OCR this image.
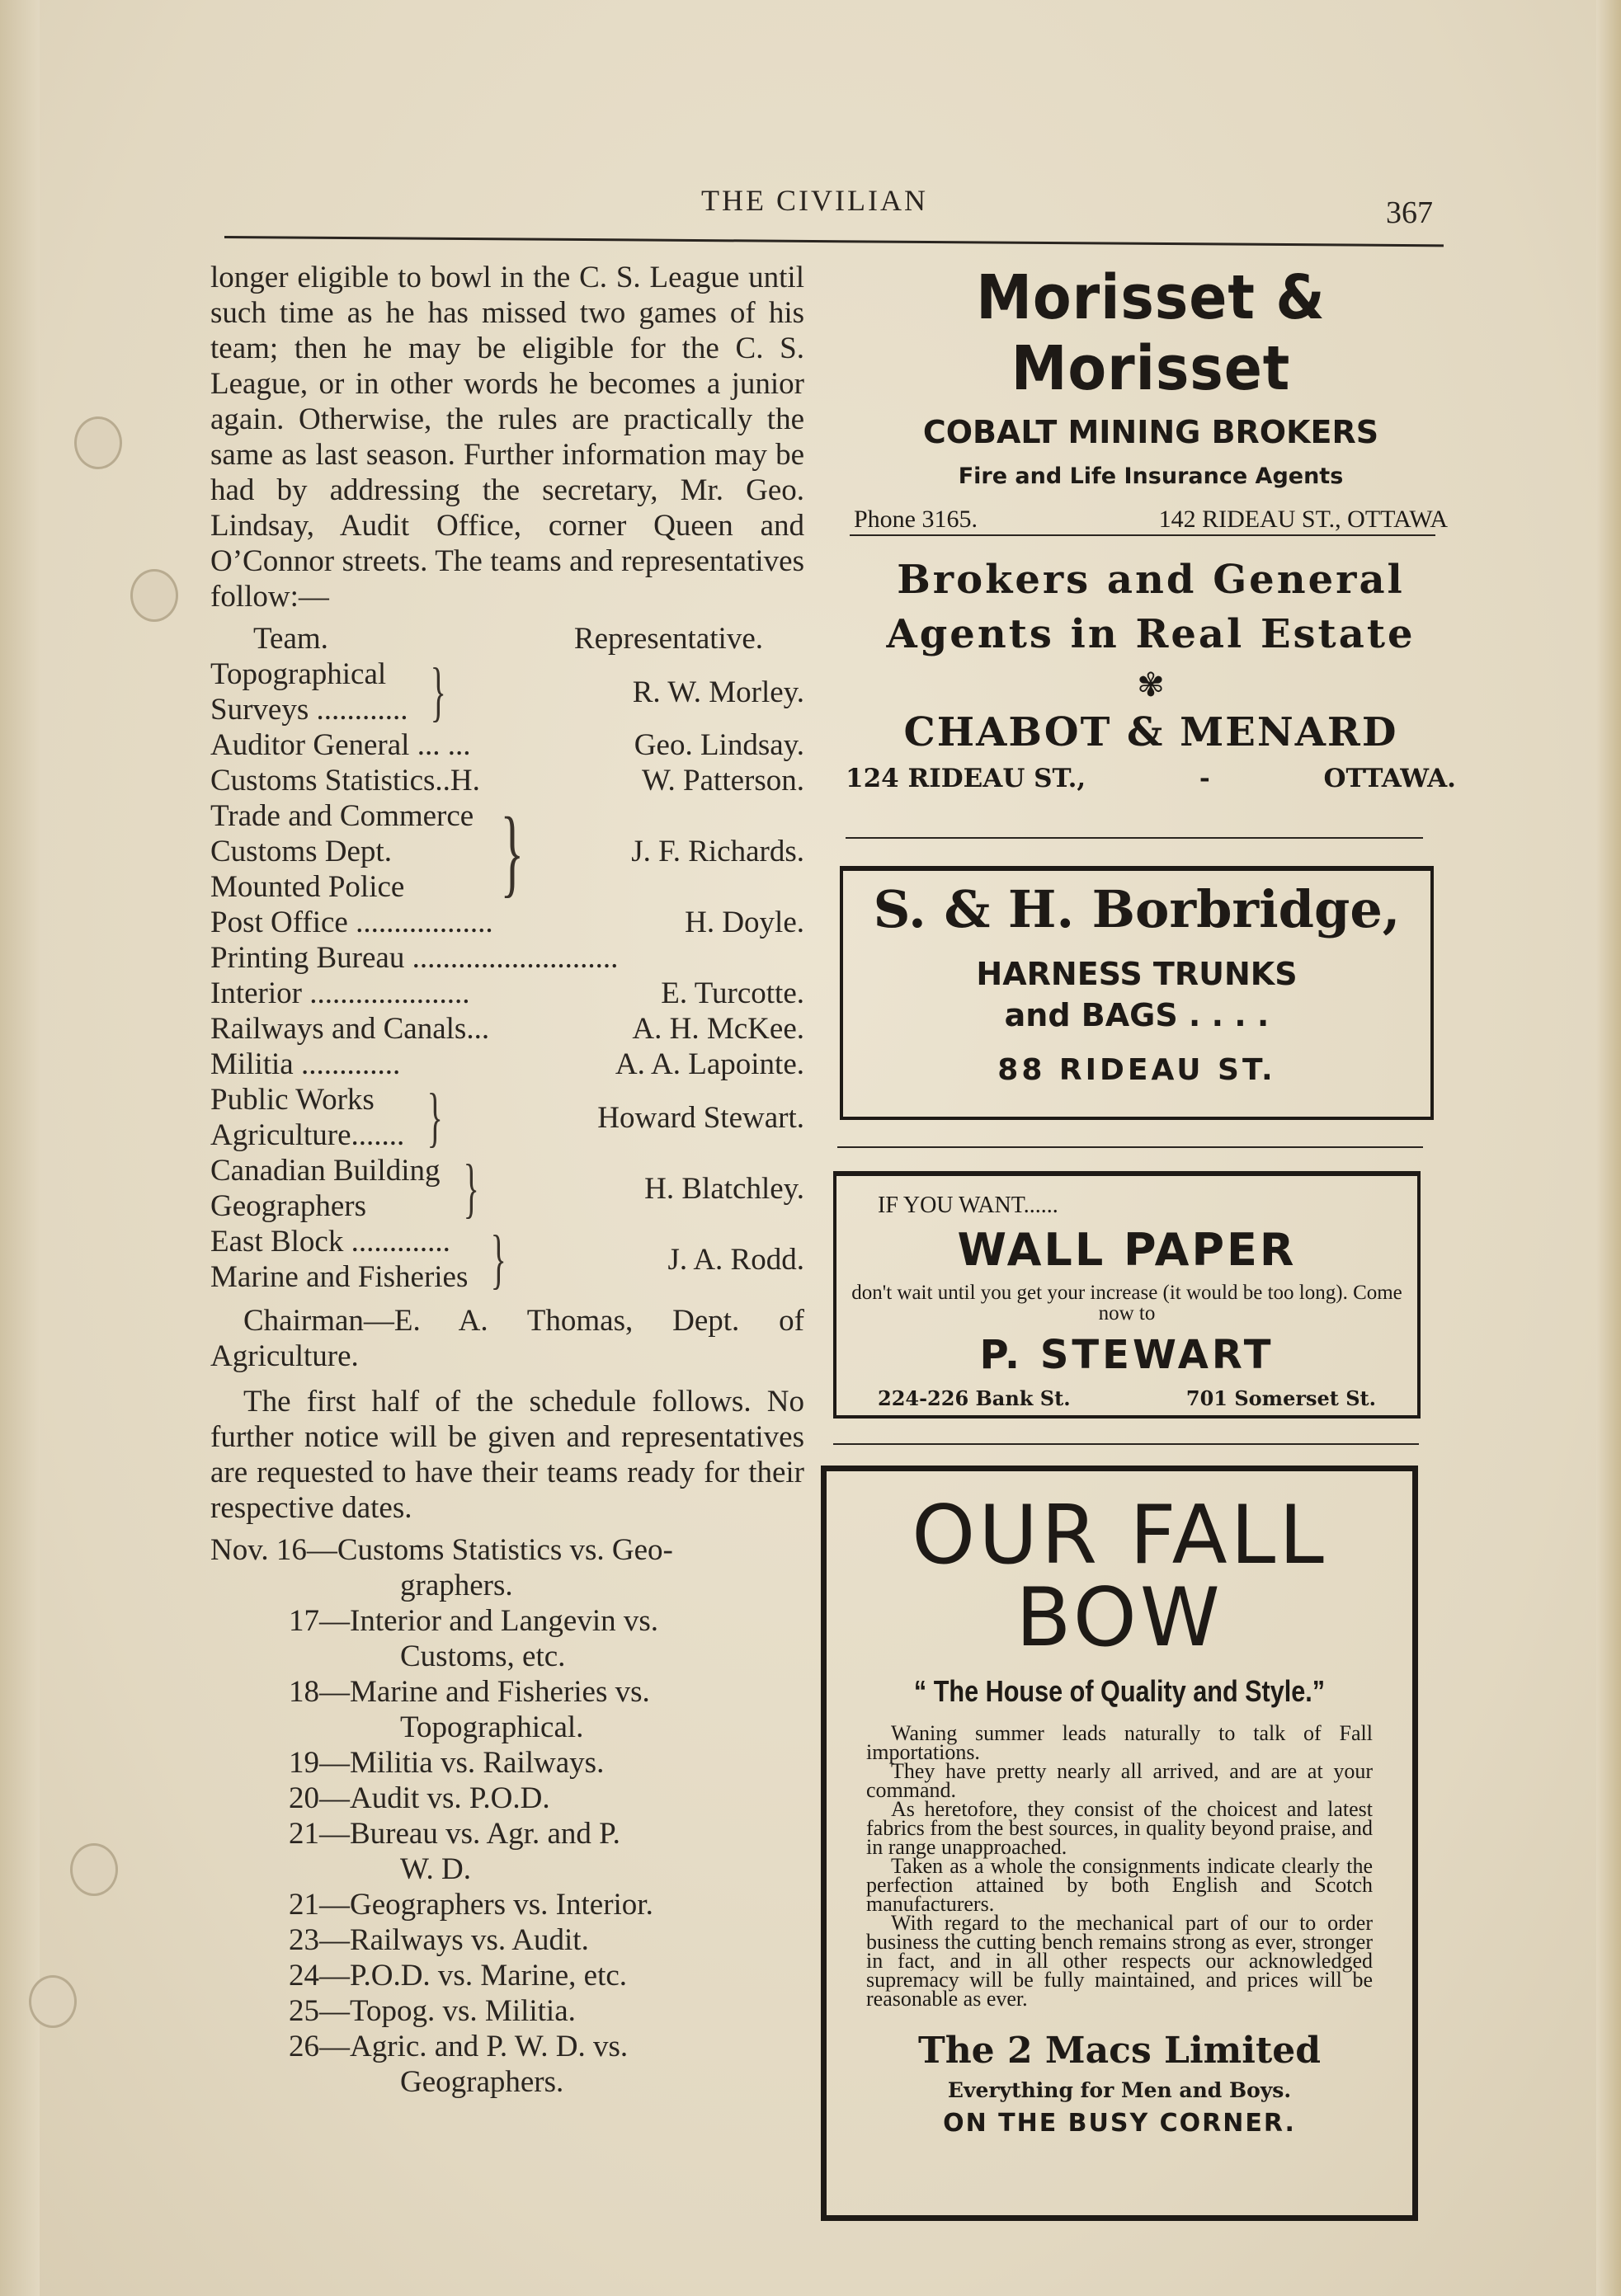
THE CIVILIAN	367

longer eligible to bowl in the C. S. League until such time as he has missed two games of his team; then he may be eligible for the C. S. League, or in other words he becomes a junior again. Otherwise, the rules are practically the same as last season. Further information may be had by addressing the secretary, Mr. Geo. Lindsay, Audit Office, corner Queen and O’Connor streets. The teams and representatives follow:—

Team.	Representative.
Topographical
Surveys ............ }	R. W. Morley.
Auditor General ... ...	Geo. Lindsay.
Customs Statistics..H.	W. Patterson.
Trade and Commerce
Customs Dept.
Mounted Police }	J. F. Richards.
Post Office ..................	H. Doyle.
Printing Bureau ...........................
Interior .....................	E. Turcotte.
Railways and Canals...	A. H. McKee.
Militia .............	A. A. Lapointe.
Public Works
Agriculture....... }	Howard Stewart.
Canadian Building
Geographers	}	H. Blatchley.
East Block .............
Marine and Fisheries }	J. A. Rodd.

Chairman—E. A. Thomas, Dept. of Agriculture.

The first half of the schedule follows. No further notice will be given and representatives are requested to have their teams ready for their respective dates.

Nov. 16—Customs Statistics vs. Geo-
graphers.
17—Interior and Langevin vs.
Customs, etc.
18—Marine and Fisheries vs.
Topographical.
19—Militia vs. Railways.
20—Audit vs. P.O.D.
21—Bureau vs. Agr. and P.
W. D.
21—Geographers vs. Interior.
23—Railways vs. Audit.
24—P.O.D. vs. Marine, etc.
25—Topog. vs. Militia.
26—Agric. and P. W. D. vs.
Geographers.
Morisset & Morisset
COBALT MINING BROKERS
Fire and Life Insurance Agents
Phone 3165.	142 RIDEAU ST., OTTAWA
Brokers and General
Agents in Real Estate
✾
CHABOT & MENARD
124 RIDEAU ST.,	-	OTTAWA.
S. & H. Borbridge,
HARNESS TRUNKS
and BAGS . . . .
88 RIDEAU ST.
IF YOU WANT......
WALL PAPER
don't wait until you get your increase (it would be too long). Come now to
P. STEWART
224-226 Bank St.	701 Somerset St.
OUR FALL
BOW
“ The House of Quality and Style.”

Waning summer leads naturally to talk of Fall importations.

They have pretty nearly all arrived, and are at your command.

As heretofore, they consist of the choicest and latest fabrics from the best sources, in quality beyond praise, and in range unapproached.

Taken as a whole the consignments indicate clearly the perfection attained by both English and Scotch manufacturers.

With regard to the mechanical part of our to order business the cutting bench remains strong as ever, stronger in fact, and in all other respects our acknowledged supremacy will be fully maintained, and prices will be reasonable as ever.

The 2 Macs Limited
Everything for Men and Boys.
ON THE BUSY CORNER.
